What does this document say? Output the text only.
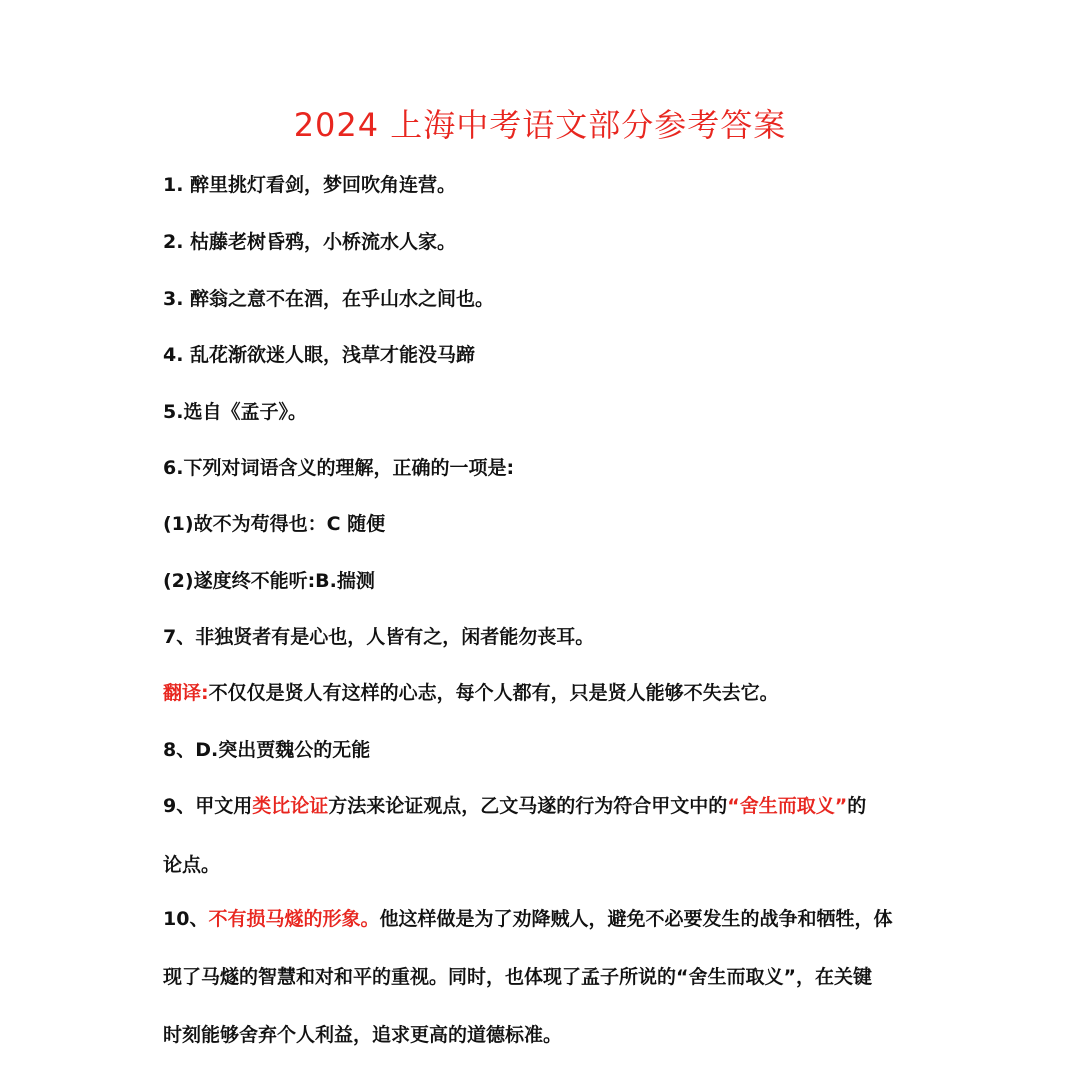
2024 上海中考语文部分参考答案
1. 醉里挑灯看剑，梦回吹角连营。
2. 枯藤老树昏鸦，小桥流水人家。
3. 醉翁之意不在酒，在乎山水之间也。
4. 乱花渐欲迷人眼，浅草才能没马蹄
5.选自《孟子》。
6.下列对词语含义的理解，正确的一项是:
(1)故不为苟得也：C 随便
(2)遂度终不能听:B.揣测
7、非独贤者有是心也，人皆有之，闲者能勿丧耳。
翻译:不仅仅是贤人有这样的心志，每个人都有，只是贤人能够不失去它。
8、D.突出贾魏公的无能
9、甲文用类比论证方法来论证观点，乙文马遂的行为符合甲文中的“舍生而取义”的
论点。
10、不有损马燧的形象。他这样做是为了劝降贼人，避免不必要发生的战争和牺牲，体
现了马燧的智慧和对和平的重视。同时，也体现了孟子所说的“舍生而取义”，在关键
时刻能够舍弃个人利益，追求更高的道德标准。
